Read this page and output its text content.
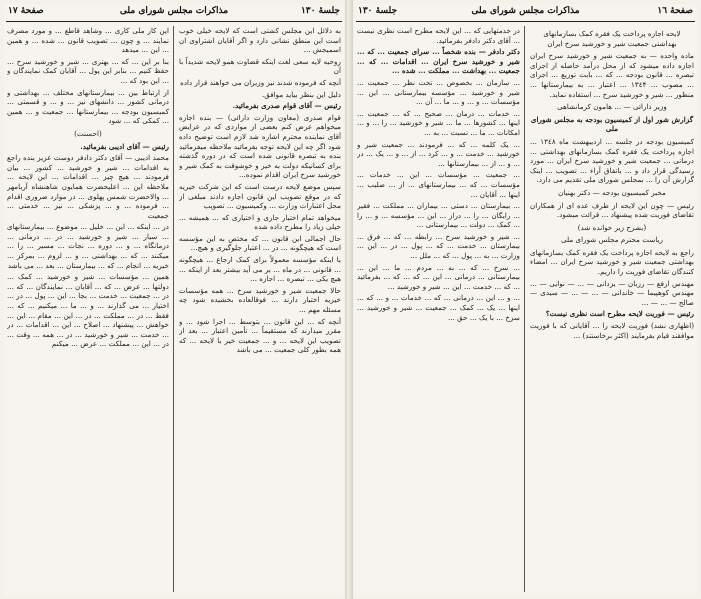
جلسهٔ ۱۳۰
مذاکرات مجلس شورای ملی
صفحهٔ ۱۷

به دلائل این مجلس کشتی است که لایحه خیلی خوب است این منطق نشانی دارد و اگر آقایان اشتراوی ان اسمیجش ...

روحیه لایه سعی لغت اینکه قضاوت همو لایحه شدیداً با آن

آنچه که فرموده شدند نیز وزیران می خواهند قرار داده

دلیل این بنظر بیاید موافق.

رئیس — آقای قوام صدری بفرمائید.

قوام صدری (معاون وزارت دارائی) — بنده اجازه میخواهم عرض کنم بعضی از مواردی که در عرایض آقای نماینده محترم اشاره شد لازم است توضیح داده شود اگر چه این لایحه توجه بفرمائید ملاحظه میفرمائید بنده به تبصره قانونی شده است که در دوره گذشته برای کسانیکه دولت به خیر و خوشوقت به کمک شیر و خورشید سرخ ایران اقدام نموده...

سپس موضع لایحه درست است که این شرکت خیریه که در موقع تصویب این قانون اجازه دادند مبلغی از محل اعتبارات وزارت ... وکمیسیون ... تصویب

میخواهد تمام اختیار جاری و اختیاری که ... همیشه ... خیلی زیاد را مطرح داده شده

حال اجمالی این قانون ... که مختص به این مؤسسه است که هیچگونه ... در ... اعتبار جلوگیری و هیچ...

با اینکه مؤسسه معمولاً برای کمک ارجاع ... هیچگونه ... قانونی ... در ماه ... بر می آید بیشتر بعد از اینکه ... هیچ یکی ... تبصره ... اجازه ...

حالا جمعیت شیر و خورشید سرخ ... همه مؤسسات خیریه اختیار دارند ... فوقالعاده بخشیده شود چه مسئله مهم ...

آنچه که ... این قانون ... بتوسط ... اجرا شود ... و مقرر میدارند که مستقیماً ... تأمین اعتبار ... بعد از تصویب این لایحه ... و ... جمعیت خیر با لایحه ... که همه بطور کلی جمعیت ... می باشد

این کار ملی کاری ... وشاهد قاطع ... و مورد مصرف نمایند ... و چون ... تصویب قانون ... شده ... و همین ... این ... میدهد

بنا بر این ... که ... بهتری ... شیر و خورشید سرخ ... حفظ کنیم ... بنابر این پول ... آقایان کمک نمایندگان و ... این بود که ...

از ارتباط بین ... بیمارستانهای مختلف ... بهداشتی و درمانی کشور ... دانشهای نیز ... و ... و قسمتی ... کمیسیون بودجه ... بیمارستانها ... جمعیت و ... همین ... کمکی که ... شود

(احسنت)

رئیس — آقای ادیبی بفرمائید.

محمد ادیبی — آقای دکتر دادفر دوست عزیز بنده راجع به اقدامات ... شیر و خورشید ... کشور ... بیان فرمودند ... هیچ چیز ... اقدامات ... این لایحه ... ملاحظه این ... اعلیحضرت همایون شاهنشاه آریامهر ... والاحضرت شمس پهلوی ... در موارد ضروری اقدام ... فرموده ... و ... پزشکی ... نیز ... خدمتی ... جمعیت

در ... اینکه ... این ... خلیل ... موضوع ... بیمارستانهای ... سیار ... شیر و خورشید ... در ... درمانی ... درمانگاه ... و ... دوره ... نجات ... مسیر ... را ... میکنند ... که ... بهداشتی ... و ... لزوم ... بمرکز ... خیریه ... انجام ... که ... بیمارستان ... بعد ... می باشد

همین ... مؤسسات ... شیر و خورشید ... کمک ... دولتها ... عرض ... که ... آقایان ... نمایندگان ... که ... در ... جمعیت ... خدمت ... بجا ... این ... پول ... در ... اختیار ... می گذارند ... و ... ما ... میکنیم ... که ... فقط ... در ... مملکت ... در ... این ... مقام ... این ... خواهش ... پیشنهاد ... اصلاح ... این ... اقدامات ... در ... خدمت ... شیر و خورشید ... در ... همه ... وقت ... در ... این ... مملکت ... عرض ... میکنم

صفحهٔ ۱٦
مذاکرات مجلس شورای ملی
جلسهٔ ۱۳۰

لایحه اجازه پرداخت یک فقره کمک بسازمانهای بهداشتی جمعیت شیر و خورشید سرخ ایران

ماده واحده — به جمعیت شیر و خورشید سرخ ایران اجازه داده میشود که از محل درآمد حاصله از اجرای تبصره ... قانون بودجه ... که ... بابت توزیع ... اجرای ... مصوب ... ۱۳٤۴ ... اعتبار ... به بیمارستانها ... منظور ... شیر و خورشید سرخ ... استفاده نماید.

وزیر دارائی — ... هامون کرمانشاهی

گزارش شور اول از کمیسیون بودجه به مجلس شورای ملی

کمیسیون بودجه در جلسه ... اردیبهشت ماه ۱۳٤۸ ... اجازه پرداخت یک فقره کمک بسازمانهای بهداشتی ... درمانی ... جمعیت شیر و خورشید سرخ ایران ... مورد رسیدگی قرار داد و ... باتفاق آراء ... تصویب ... اینک گزارش آن را ... بمجلس شورای ملی تقدیم می دارد.

مخبر کمیسیون بودجه — دکتر بهنیان

رئیس — چون این لایحه از طرف عده ای از همکاران تقاضای فوریت شده پیشنهاد ... قرائت میشود.

(بشرح زیر خوانده شد)

ریاست محترم مجلس شورای ملی

راجع به لایحه اجازه پرداخت یک فقره کمک بسازمانهای بهداشتی جمعیت شیر و خورشید سرخ ایران ... امضاء کنندگان تقاضای فوریت را داریم.

مهندس ارفع — رزبان — یزدانی — ... — نوایی — ... مهندس کوهپیما — خاندانی — ... — ... — سیدی — صالح — ... — ...

رئیس — فوریت لایحه مطرح است نظری نیست؟

(اظهاری نشد) فوریت لایحه را ... آقایانی که با فوریت موافقند قیام بفرمایند (اکثر برخاستند) ...

در خدمتهایی که ... این لایحه مطرح است نظری نیست ... آقای دکتر دادفر بفرمائید.

دکتر دادفر — بنده شخصاً ... سرای جمعیت ... که ... شیر و خورشید سرخ ایران ... اقدامات ... که ... جمعیت ... بهداشت ... مملکت ... شده ...

... سازمان ... بخصوص ... تحت نظر ... جمعیت ... شیر و خورشید ... مؤسسه بیمارستانی ... این ... مؤسسات ... و ... و ... ما ... آن ...

... خدمات ... درمان ... صحیح ... که ... جمعیت ... اینها ... کشورها ... ما ... شیر و خورشید ... را ... و ... امکانات ... ما ... نسبت ... به ...

... یک کلمه ... که ... فرمودند ... جمعیت شیر و خورشید ... خدمت ... و ... کرد ... از ... و ... یک ... در ... و ... از ... بیمارستانها ...

... جمعیت ... مؤسسات ... این ... خدمات ... مؤسسات ... که ... بیمارستانهای ... از ... صلیب ... اینها ... آقایان ...

... بیمارستان ... دستی ... بیماران ... مملکت ... فقیر ... رایگان ... را ... دراز ... این ... مؤسسه ... و ... را ... کمک ... دولت ... بیمارستانی ...

... شیر و خورشید سرخ ... رابطه ... که ... فرق ... بیمارستان ... خدمت ... که ... پول ... در ... این ... وزارت ... به ... پول ... که ... ملل ...

... سرخ ... که ... به ... مردم ... ما ... این ... بیمارستانی ... درمانی ... این ... که ... که ... بفرمائید ... که ... خدمت ... این ... شیر و خورشید ...

... و ... این ... درمانی ... که ... خدمات ... و ... که ... اینها ... یک ... کمک ... جمعیت ... شیر و خورشید ... سرخ ... با یک ... حق ...
